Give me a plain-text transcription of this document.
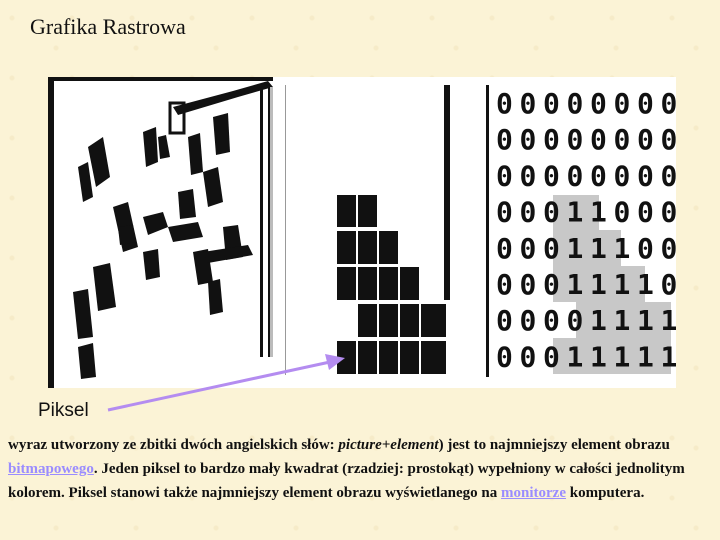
Grafika Rastrowa
0 0 0 0 0 0 0 0
0 0 0 0 0 0 0 0
0 0 0 0 0 0 0 0
0 0 0 1 1 0 0 0
0 0 0 1 1 1 0 0
0 0 0 1 1 1 1 0
0 0 0 0 1 1 1 1
0 0 0 1 1 1 1 1
Piksel
wyraz utworzony ze zbitki dwóch angielskich słów: picture+element) jest to najmniejszy element obrazu bitmapowego. Jeden piksel to bardzo mały kwadrat (rzadziej: prostokąt) wypełniony w całości jednolitym kolorem. Piksel stanowi także najmniejszy element obrazu wyświetlanego na monitorze komputera.
